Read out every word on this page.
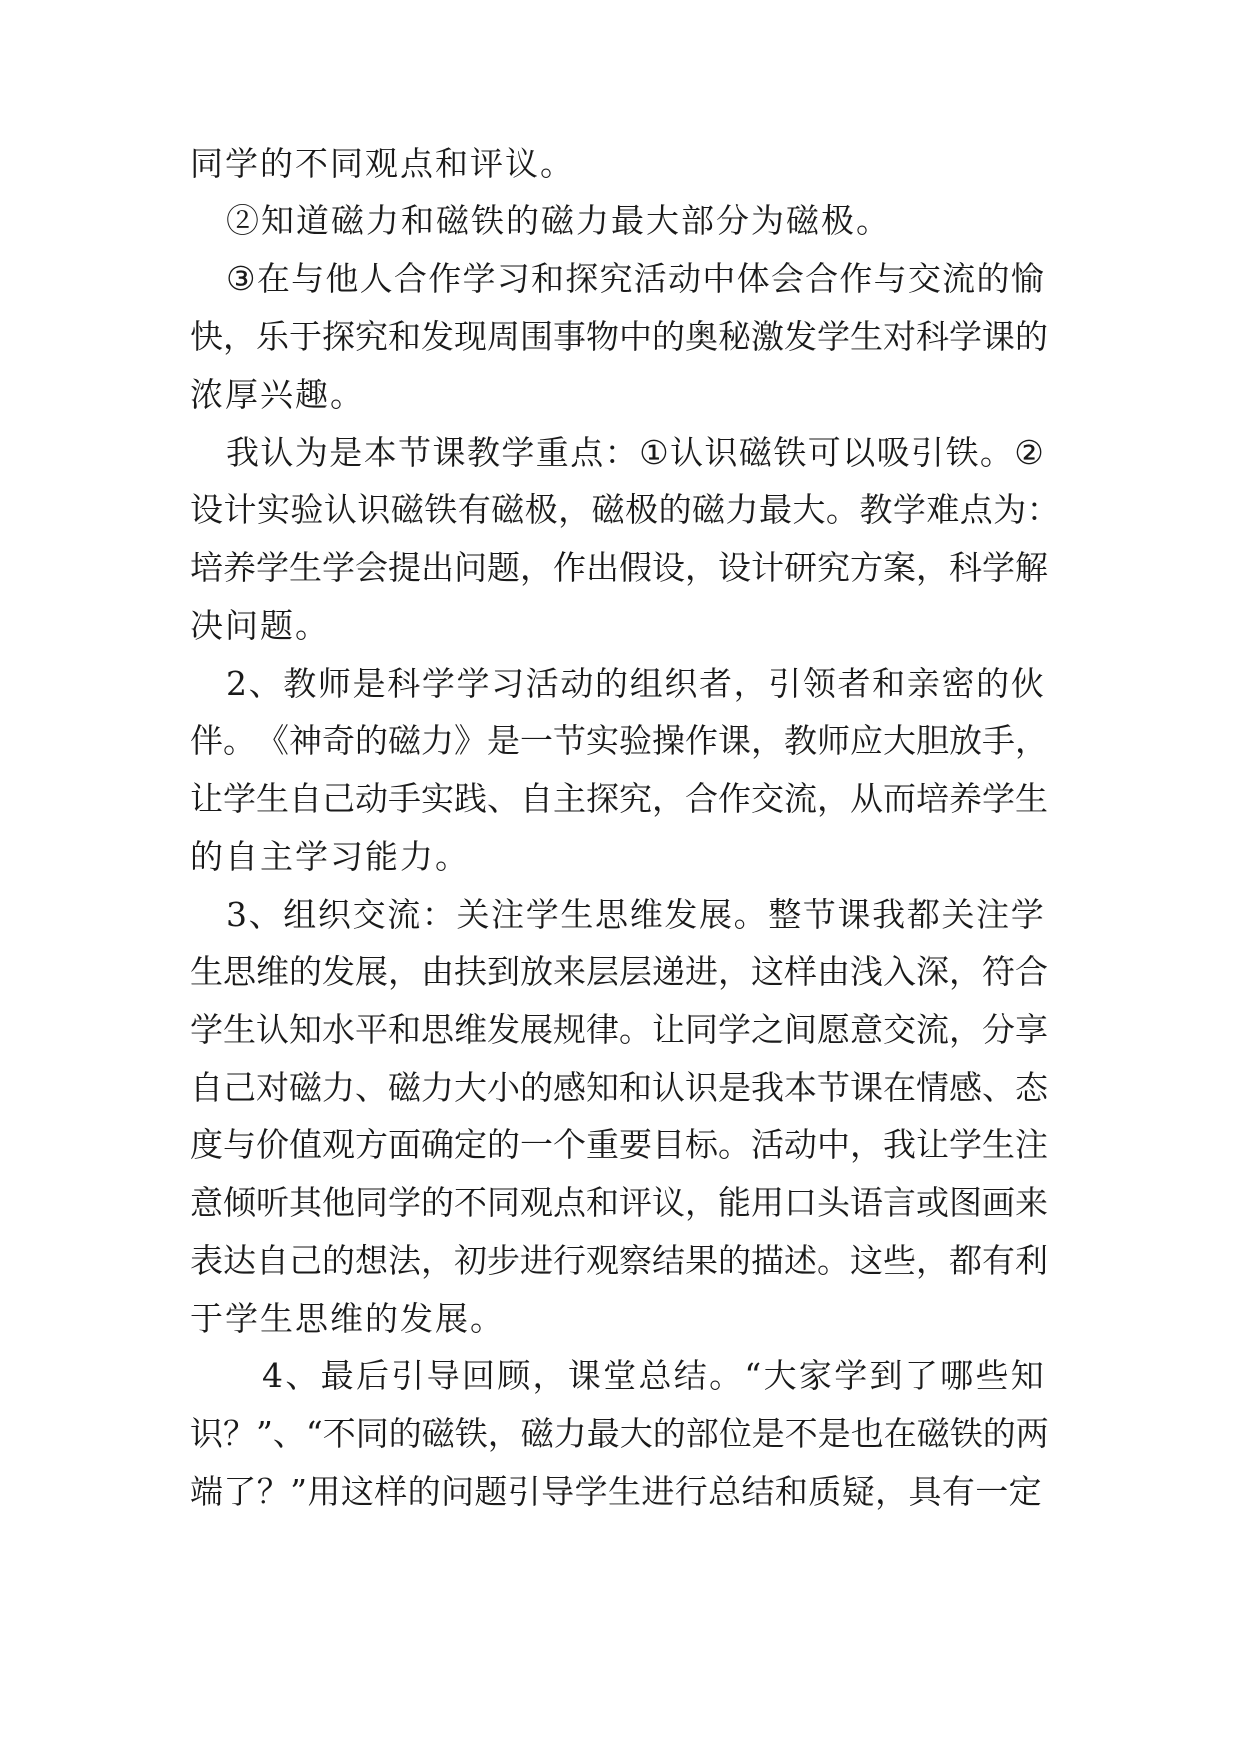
同学的不同观点和评议。
②知道磁力和磁铁的磁力最大部分为磁极。
③ 在 与 他 人 合 作 学 习 和 探 究 活 动 中 体 会 合 作 与 交 流 的 愉
快 ， 乐 于 探 究 和 发 现 周 围 事 物 中 的 奥 秘 激 发 学 生 对 科 学 课 的
浓厚兴趣。
我 认 为 是 本 节 课 教 学 重 点 ： ① 认 识 磁 铁 可 以 吸 引 铁 。 ②
设 计 实 验 认 识 磁 铁 有 磁 极 ， 磁 极 的 磁 力 最 大 。 教 学 难 点 为 ：
培 养 学 生 学 会 提 出 问 题 ， 作 出 假 设 ， 设 计 研 究 方 案 ， 科 学 解
决问题。
2 、 教 师 是 科 学 学 习 活 动 的 组 织 者 ， 引 领 者 和 亲 密 的 伙
伴 。 《 神 奇 的 磁 力 》 是 一 节 实 验 操 作 课 ， 教 师 应 大 胆 放 手 ，
让 学 生 自 己 动 手 实 践 、 自 主 探 究 ， 合 作 交 流 ， 从 而 培 养 学 生
的自主学习能力。
3 、 组 织 交 流 ： 关 注 学 生 思 维 发 展 。 整 节 课 我 都 关 注 学
生 思 维 的 发 展 ， 由 扶 到 放 来 层 层 递 进 ， 这 样 由 浅 入 深 ， 符 合
学 生 认 知 水 平 和 思 维 发 展 规 律 。 让 同 学 之 间 愿 意 交 流 ， 分 享
自 己 对 磁 力 、 磁 力 大 小 的 感 知 和 认 识 是 我 本 节 课 在 情 感 、 态
度 与 价 值 观 方 面 确 定 的 一 个 重 要 目 标 。 活 动 中 ， 我 让 学 生 注
意 倾 听 其 他 同 学 的 不 同 观 点 和 评 议 ， 能 用 口 头 语 言 或 图 画 来
表 达 自 己 的 想 法 ， 初 步 进 行 观 察 结 果 的 描 述 。 这 些 ， 都 有 利
于学生思维的发展。
4 、 最 后 引 导 回 顾 ， 课 堂 总 结 。 “ 大 家 学 到 了 哪 些 知
识 ？ ” 、 “ 不 同 的 磁 铁 ， 磁 力 最 大 的 部 位 是 不 是 也 在 磁 铁 的 两
端 了 ？ ” 用 这 样 的 问 题 引 导 学 生 进 行 总 结 和 质 疑 ， 具 有 一 定
